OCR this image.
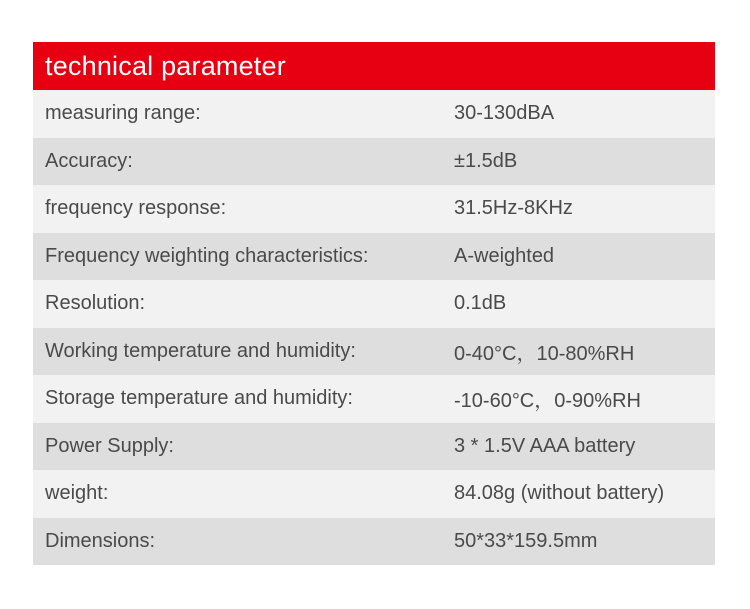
technical parameter
measuring range:	30-130dBA
Accuracy:	±1.5dB
frequency response:	31.5Hz-8KHz
Frequency weighting characteristics:	A-weighted
Resolution:	0.1dB
Working temperature and humidity:	0-40°C，10-80%RH
Storage temperature and humidity:	-10-60°C，0-90%RH
Power Supply:	3 * 1.5V AAA battery
weight:	84.08g (without battery)
Dimensions:	50*33*159.5mm
